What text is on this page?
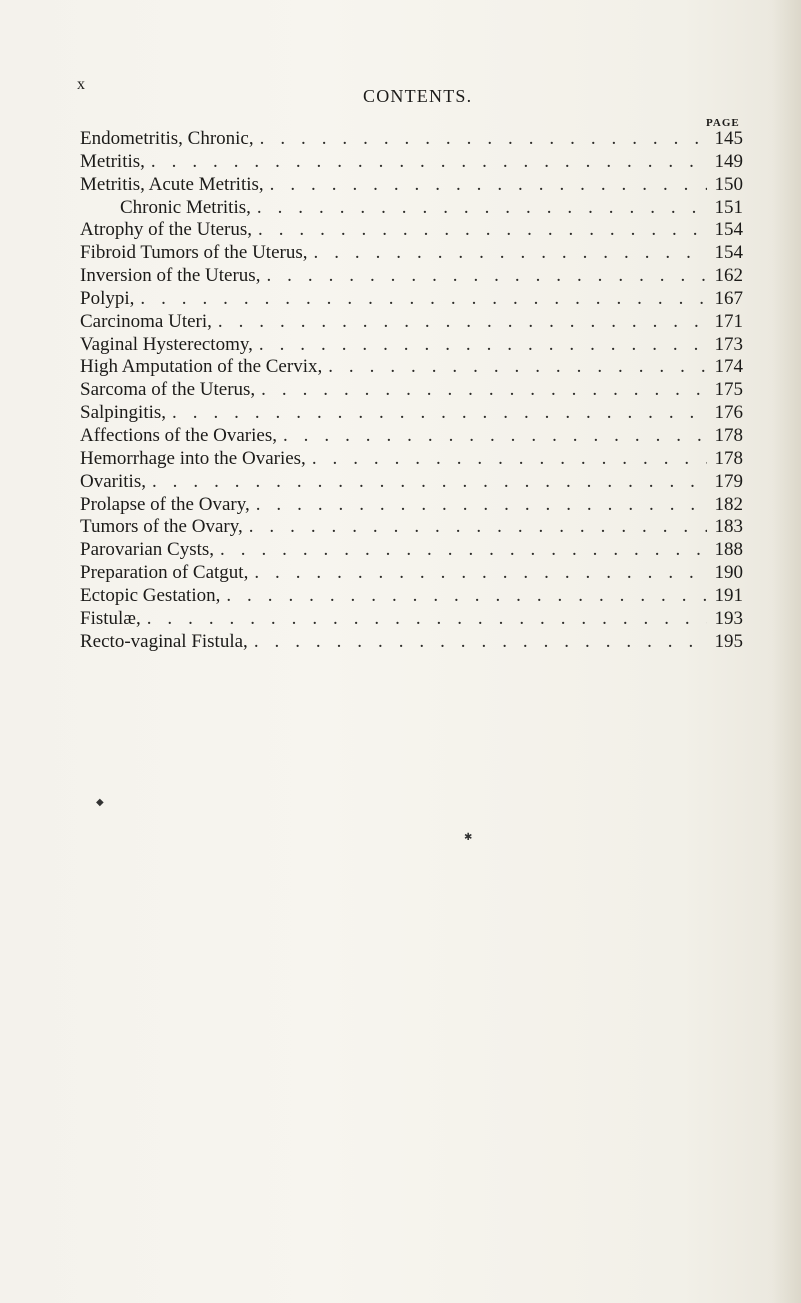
x
CONTENTS.
PAGE
Endometritis, Chronic, . . .	145
Metritis, . . .	149
Metritis, Acute Metritis, . . .	150
Chronic Metritis, . . .	151
Atrophy of the Uterus, . . .	154
Fibroid Tumors of the Uterus, . . .	154
Inversion of the Uterus, . . .	162
Polypi, . . .	167
Carcinoma Uteri, . . .	171
Vaginal Hysterectomy, . . .	173
High Amputation of the Cervix, . . .	174
Sarcoma of the Uterus, . . .	175
Salpingitis, . . .	176
Affections of the Ovaries, . . .	178
Hemorrhage into the Ovaries, . . .	178
Ovaritis, . . .	179
Prolapse of the Ovary, . . .	182
Tumors of the Ovary, . . .	183
Parovarian Cysts, . . .	188
Preparation of Catgut, . . .	190
Ectopic Gestation, . . .	191
Fistulæ, . . .	193
Recto-vaginal Fistula, . . .	195
◆
✱
